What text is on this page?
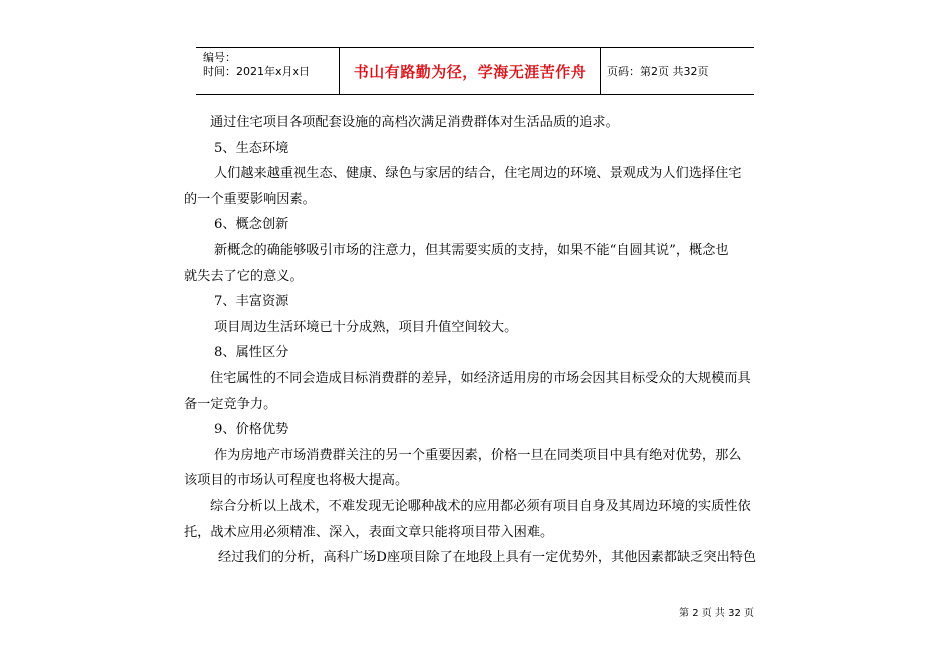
编号：
时间：2021年x月x日	书山有路勤为径，学海无涯苦作舟	页码：第2页 共32页
通过住宅项目各项配套设施的高档次满足消费群体对生活品质的追求。
5、生态环境
人们越来越重视生态、健康、绿色与家居的结合，住宅周边的环境、景观成为人们选择住宅
的一个重要影响因素。
6、概念创新
新概念的确能够吸引市场的注意力，但其需要实质的支持，如果不能“自圆其说”，概念也
就失去了它的意义。
7、丰富资源
项目周边生活环境已十分成熟，项目升值空间较大。
8、属性区分
住宅属性的不同会造成目标消费群的差异，如经济适用房的市场会因其目标受众的大规模而具
备一定竞争力。
9、价格优势
作为房地产市场消费群关注的另一个重要因素，价格一旦在同类项目中具有绝对优势，那么
该项目的市场认可程度也将极大提高。
综合分析以上战术，不难发现无论哪种战术的应用都必须有项目自身及其周边环境的实质性依
托，战术应用必须精准、深入，表面文章只能将项目带入困难。
经过我们的分析，高科广场D座项目除了在地段上具有一定优势外，其他因素都缺乏突出特色
第 2 页 共 32 页
